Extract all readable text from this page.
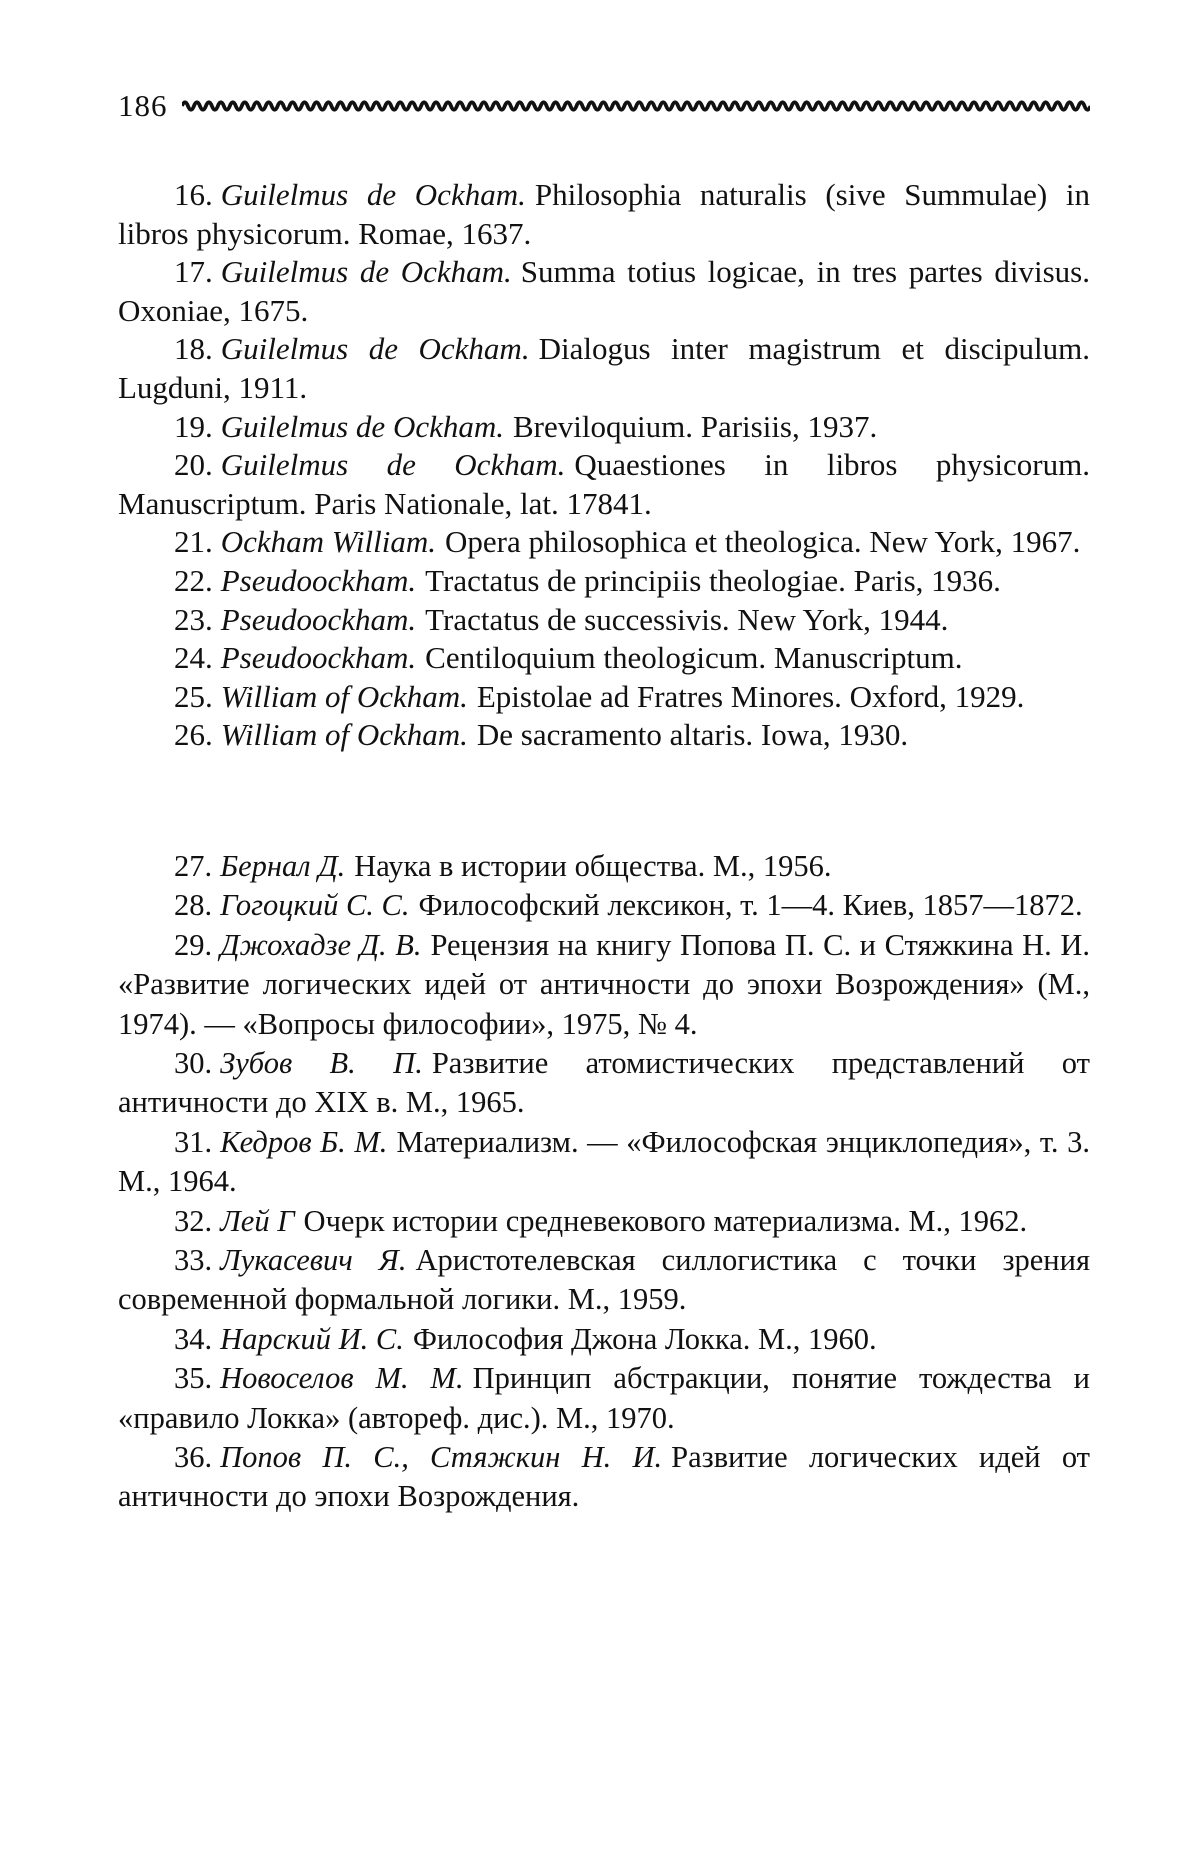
186

16. Guilelmus de Ockham. Philosophia naturalis (sive Summulae) in libros physicorum. Romae, 1637.

17. Guilelmus de Ockham. Summa totius logicae, in tres partes divisus. Oxoniae, 1675.

18. Guilelmus de Ockham. Dialogus inter magistrum et discipulum. Lugduni, 1911.

19. Guilelmus de Ockham. Breviloquium. Parisiis, 1937.

20. Guilelmus de Ockham. Quaestiones in libros physicorum. Manuscriptum. Paris Nationale, lat. 17841.

21. Ockham William. Opera philosophica et theologica. New York, 1967.

22. Pseudoockham. Tractatus de principiis theologiae. Paris, 1936.

23. Pseudoockham. Tractatus de successivis. New York, 1944.

24. Pseudoockham. Centiloquium theologicum. Manuscriptum.

25. William of Ockham. Epistolae ad Fratres Minores. Oxford, 1929.

26. William of Ockham. De sacramento altaris. Iowa, 1930.

27. Бернал Д. Наука в истории общества. М., 1956.

28. Гогоцкий С. С. Философский лексикон, т. 1—4. Киев, 1857—1872.

29. Джохадзе Д. В. Рецензия на книгу Попова П. С. и Стяжкина Н. И. «Развитие логических идей от античности до эпохи Возрождения» (М., 1974). — «Вопросы философии», 1975, № 4.

30. Зубов В. П. Развитие атомистических представлений от античности до XIX в. М., 1965.

31. Кедров Б. М. Материализм. — «Философская энциклопедия», т. 3. М., 1964.

32. Лей Г Очерк истории средневекового материализма. М., 1962.

33. Лукасевич Я. Аристотелевская силлогистика с точки зрения современной формальной логики. М., 1959.

34. Нарский И. С. Философия Джона Локка. М., 1960.

35. Новоселов М. М. Принцип абстракции, понятие тождества и «правило Локка» (автореф. дис.). М., 1970.

36. Попов П. С., Стяжкин Н. И. Развитие логических идей от античности до эпохи Возрождения.
